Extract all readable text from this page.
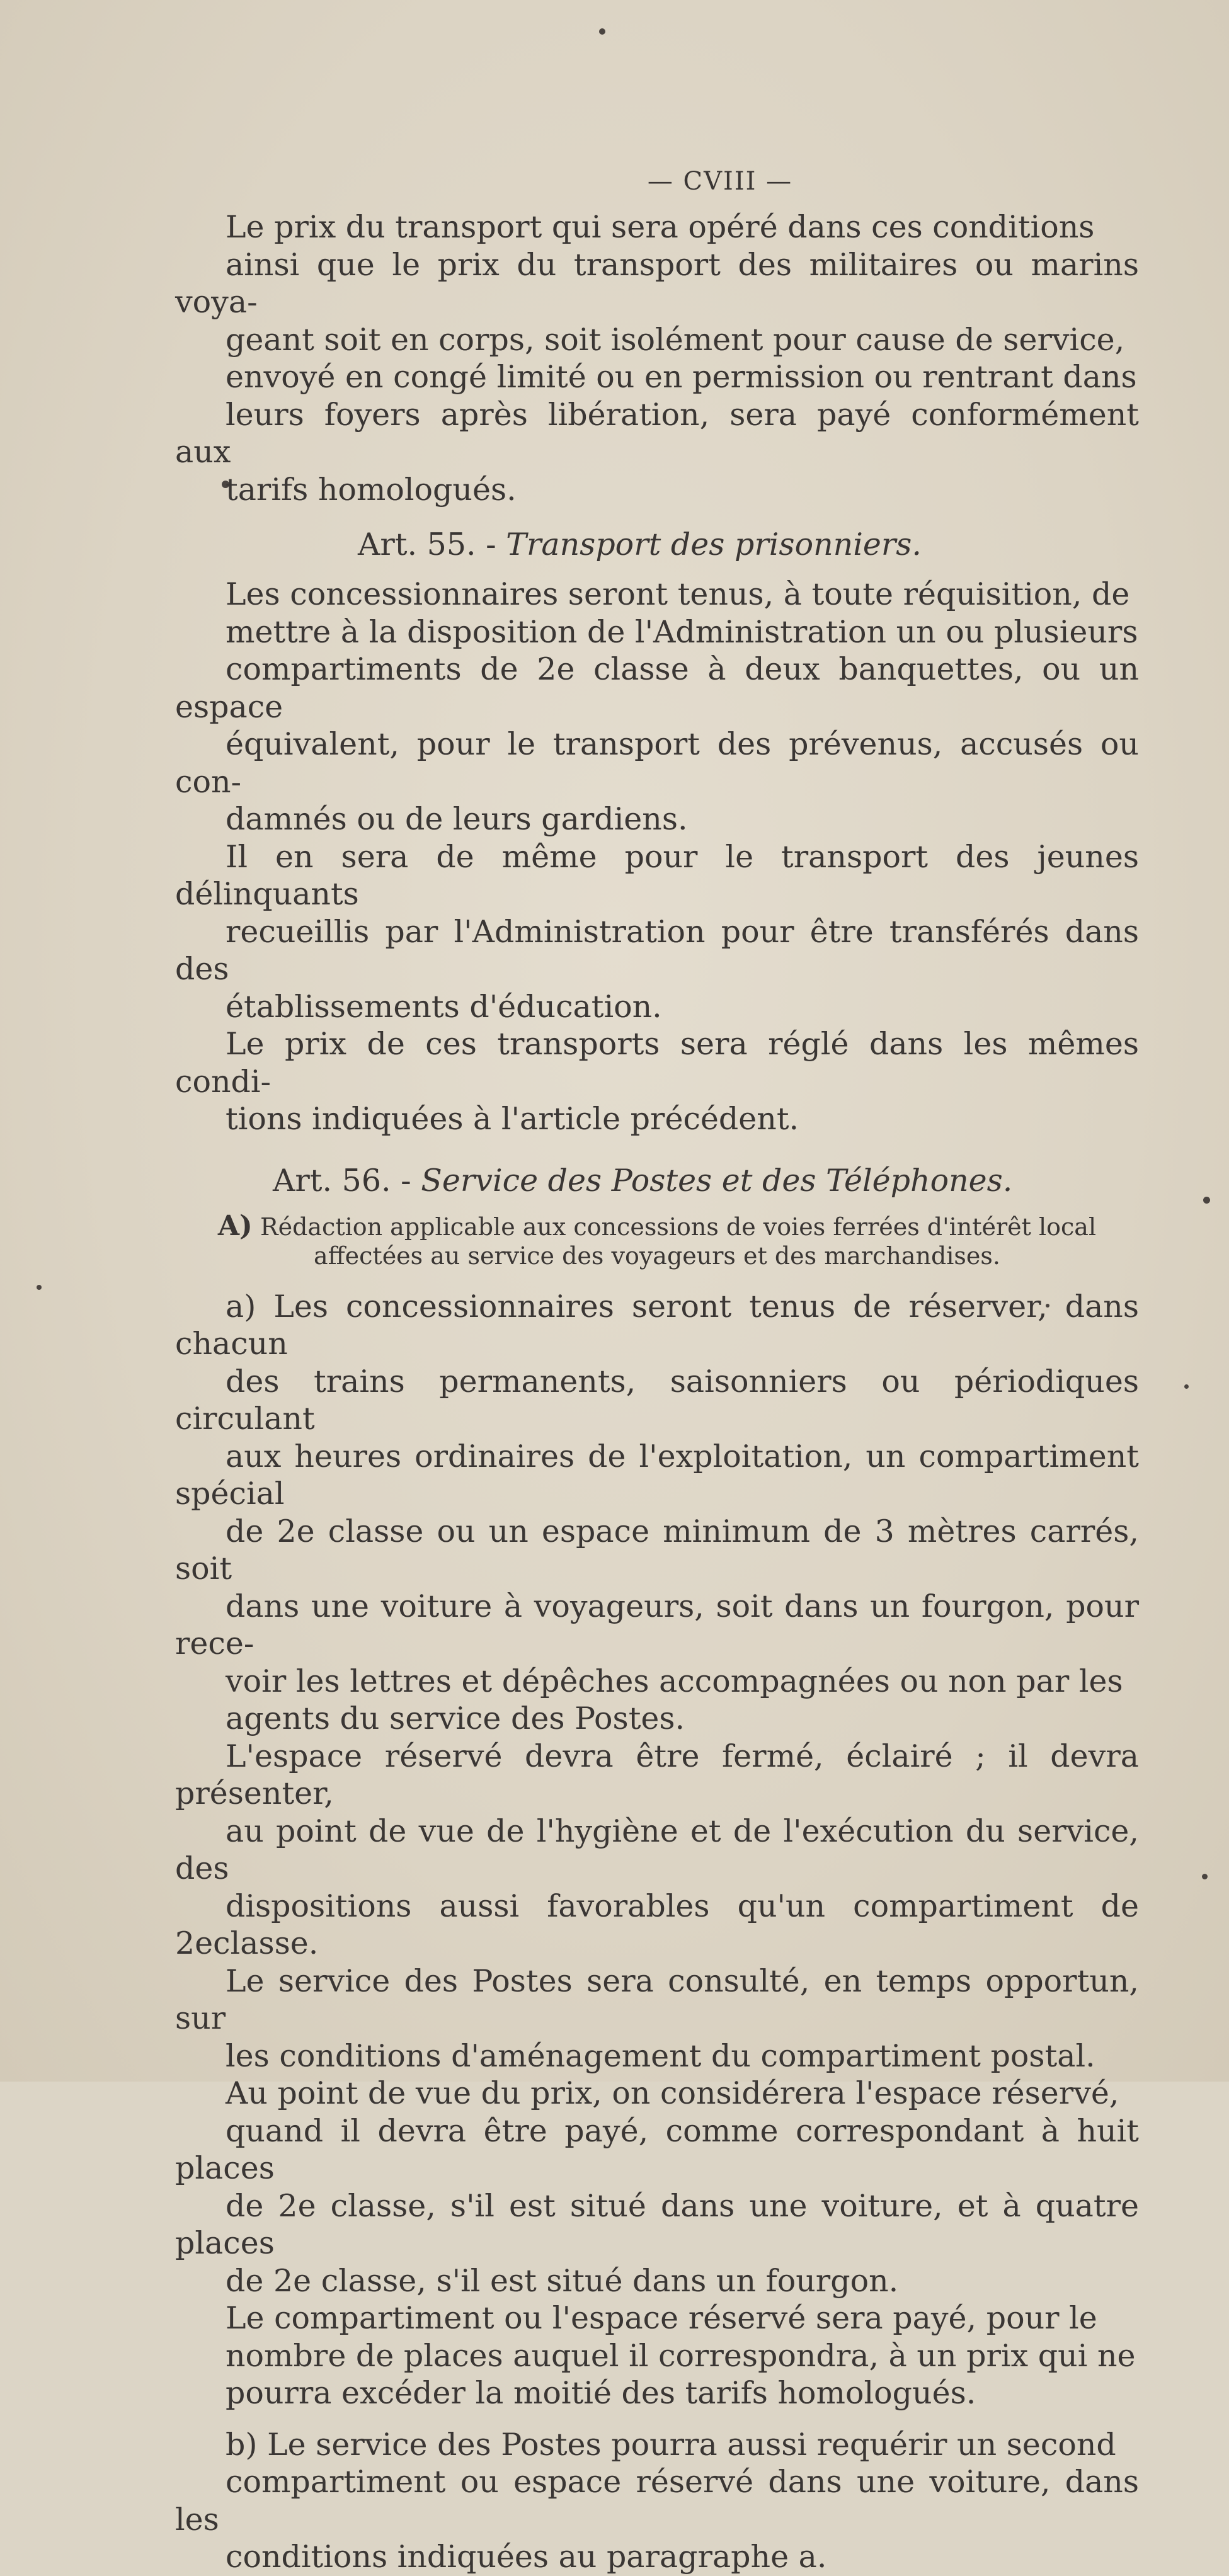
— CVIII —

Le prix du transport qui sera opéré dans ces conditions
ainsi que le prix du transport des militaires ou marins voya-
geant soit en corps, soit isolément pour cause de service,
envoyé en congé limité ou en permission ou rentrant dans
leurs foyers après libération, sera payé conformément aux
tarifs homologués.

Art. 55. - Transport des prisonniers.

Les concessionnaires seront tenus, à toute réquisition, de
mettre à la disposition de l'Administration un ou plusieurs
compartiments de 2e classe à deux banquettes, ou un espace
équivalent, pour le transport des prévenus, accusés ou con-
damnés ou de leurs gardiens.

Il en sera de même pour le transport des jeunes délinquants
recueillis par l'Administration pour être transférés dans des
établissements d'éducation.

Le prix de ces transports sera réglé dans les mêmes condi-
tions indiquées à l'article précédent.

Art. 56. - Service des Postes et des Téléphones.
A) Rédaction applicable aux concessions de voies ferrées d'intérêt local
affectées au service des voyageurs et des marchandises.

a) Les concessionnaires seront tenus de réserver, dans chacun
des trains permanents, saisonniers ou périodiques circulant
aux heures ordinaires de l'exploitation, un compartiment spécial
de 2e classe ou un espace minimum de 3 mètres carrés, soit
dans une voiture à voyageurs, soit dans un fourgon, pour rece-
voir les lettres et dépêches accompagnées ou non par les
agents du service des Postes.

L'espace réservé devra être fermé, éclairé ; il devra présenter,
au point de vue de l'hygiène et de l'exécution du service, des
dispositions aussi favorables qu'un compartiment de 2eclasse.

Le service des Postes sera consulté, en temps opportun, sur
les conditions d'aménagement du compartiment postal.

Au point de vue du prix, on considérera l'espace réservé,
quand il devra être payé, comme correspondant à huit places
de 2e classe, s'il est situé dans une voiture, et à quatre places
de 2e classe, s'il est situé dans un fourgon.

Le compartiment ou l'espace réservé sera payé, pour le
nombre de places auquel il correspondra, à un prix qui ne
pourra excéder la moitié des tarifs homologués.

b) Le service des Postes pourra aussi requérir un second
compartiment ou espace réservé dans une voiture, dans les
conditions indiquées au paragraphe a.
